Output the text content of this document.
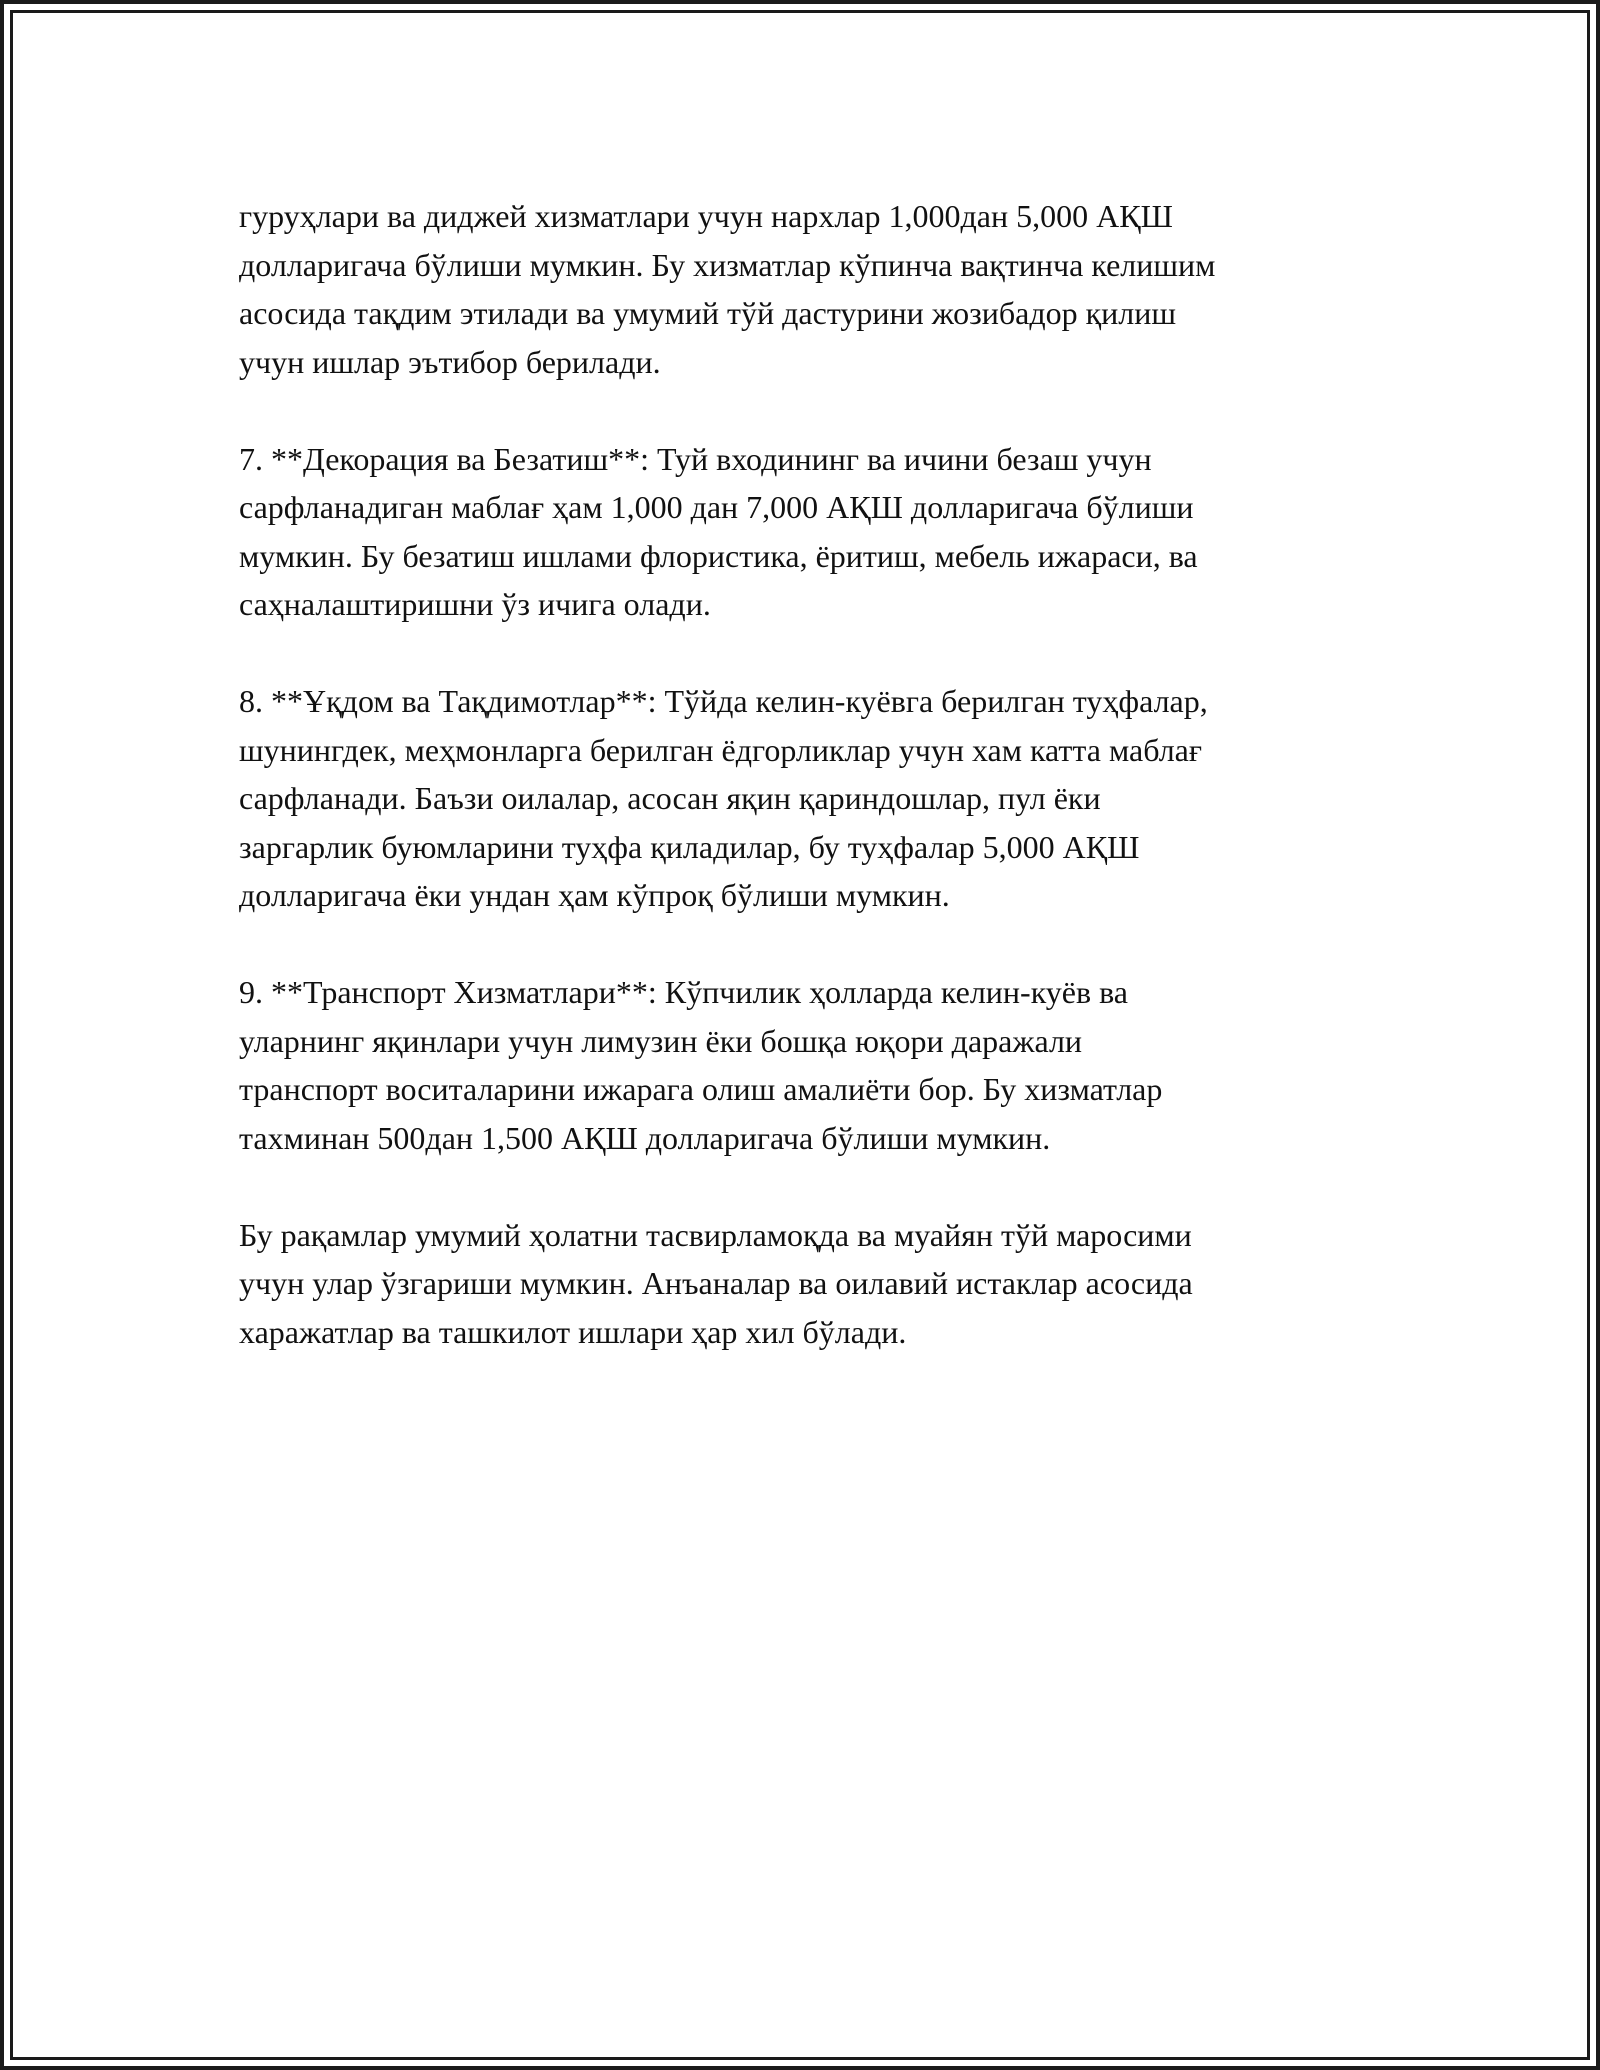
гуруҳлари ва диджей хизматлари учун нархлар 1,000дан 5,000 АҚШ
долларигача бўлиши мумкин. Бу хизматлар кўпинча вақтинча келишим
асосида тақдим этилади ва умумий тўй дастурини жозибадор қилиш
учун ишлар эътибор берилади.

7. **Декорация ва Безатиш**: Туй входининг ва ичини безаш учун
сарфланадиган маблағ ҳам 1,000 дан 7,000 АҚШ долларигача бўлиши
мумкин. Бу безатиш ишлами флористика, ёритиш, мебель ижараси, ва
саҳналаштиришни ўз ичига олади.

8. **Ұқдом ва Тақдимотлар**: Тўйда келин-куёвга берилган туҳфалар,
шунингдек, меҳмонларга берилган ёдгорликлар учун хам катта маблағ
сарфланади. Баъзи оилалар, асосан яқин қариндошлар, пул ёки
заргарлик буюмларини туҳфа қиладилар, бу туҳфалар 5,000 АҚШ
долларигача ёки ундан ҳам кўпроқ бўлиши мумкин.

9. **Транспорт Хизматлари**: Кўпчилик ҳолларда келин-куёв ва
уларнинг яқинлари учун лимузин ёки бошқа юқори даражали
транспорт воситаларини ижарага олиш амалиёти бор. Бу хизматлар
тахминан 500дан 1,500 АҚШ долларигача бўлиши мумкин.

Бу рақамлар умумий ҳолатни тасвирламоқда ва муайян тўй маросими
учун улар ўзгариши мумкин. Анъаналар ва оилавий истаклар асосида
харажатлар ва ташкилот ишлари ҳар хил бўлади.
